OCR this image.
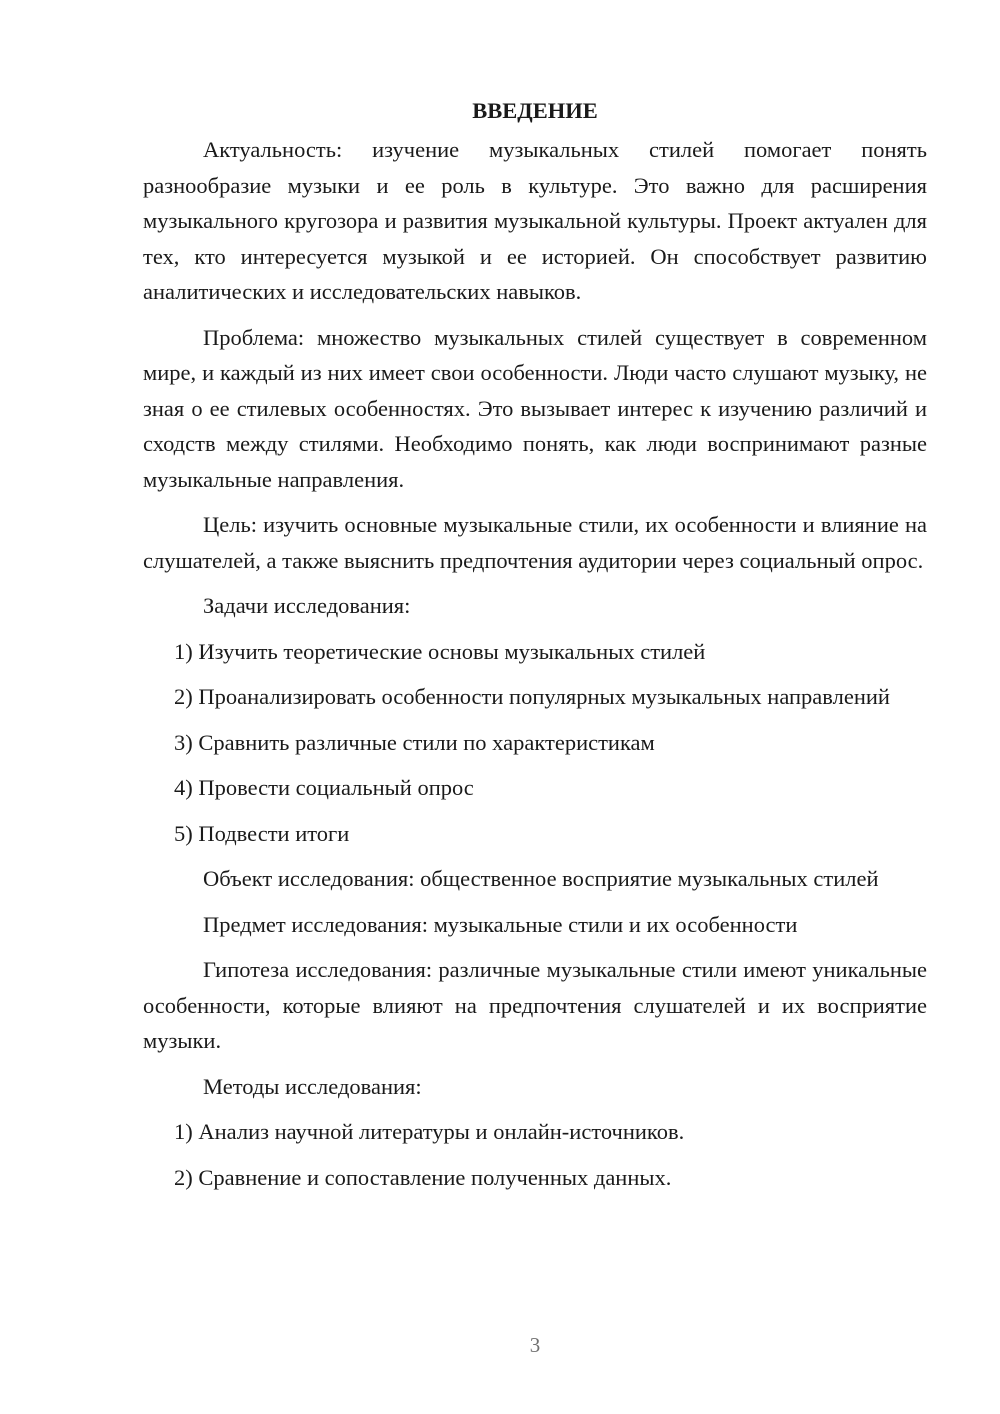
ВВЕДЕНИЕ
Актуальность: изучение музыкальных стилей помогает понять разнообразие музыки и ее роль в культуре. Это важно для расширения музыкального кругозора и развития музыкальной культуры. Проект актуален для тех, кто интересуется музыкой и ее историей. Он способствует развитию аналитических и исследовательских навыков.
Проблема: множество музыкальных стилей существует в современном мире, и каждый из них имеет свои особенности. Люди часто слушают музыку, не зная о ее стилевых особенностях. Это вызывает интерес к изучению различий и сходств между стилями. Необходимо понять, как люди воспринимают разные музыкальные направления.
Цель: изучить основные музыкальные стили, их особенности и влияние на слушателей, а также выяснить предпочтения аудитории через социальный опрос.
Задачи исследования:
1) Изучить теоретические основы музыкальных стилей
2) Проанализировать особенности популярных музыкальных направлений
3) Сравнить различные стили по характеристикам
4) Провести социальный опрос
5) Подвести итоги
Объект исследования: общественное восприятие музыкальных стилей
Предмет исследования: музыкальные стили и их особенности
Гипотеза исследования: различные музыкальные стили имеют уникальные особенности, которые влияют на предпочтения слушателей и их восприятие музыки.
Методы исследования:
1) Анализ научной литературы и онлайн-источников.
2) Сравнение и сопоставление полученных данных.
3
